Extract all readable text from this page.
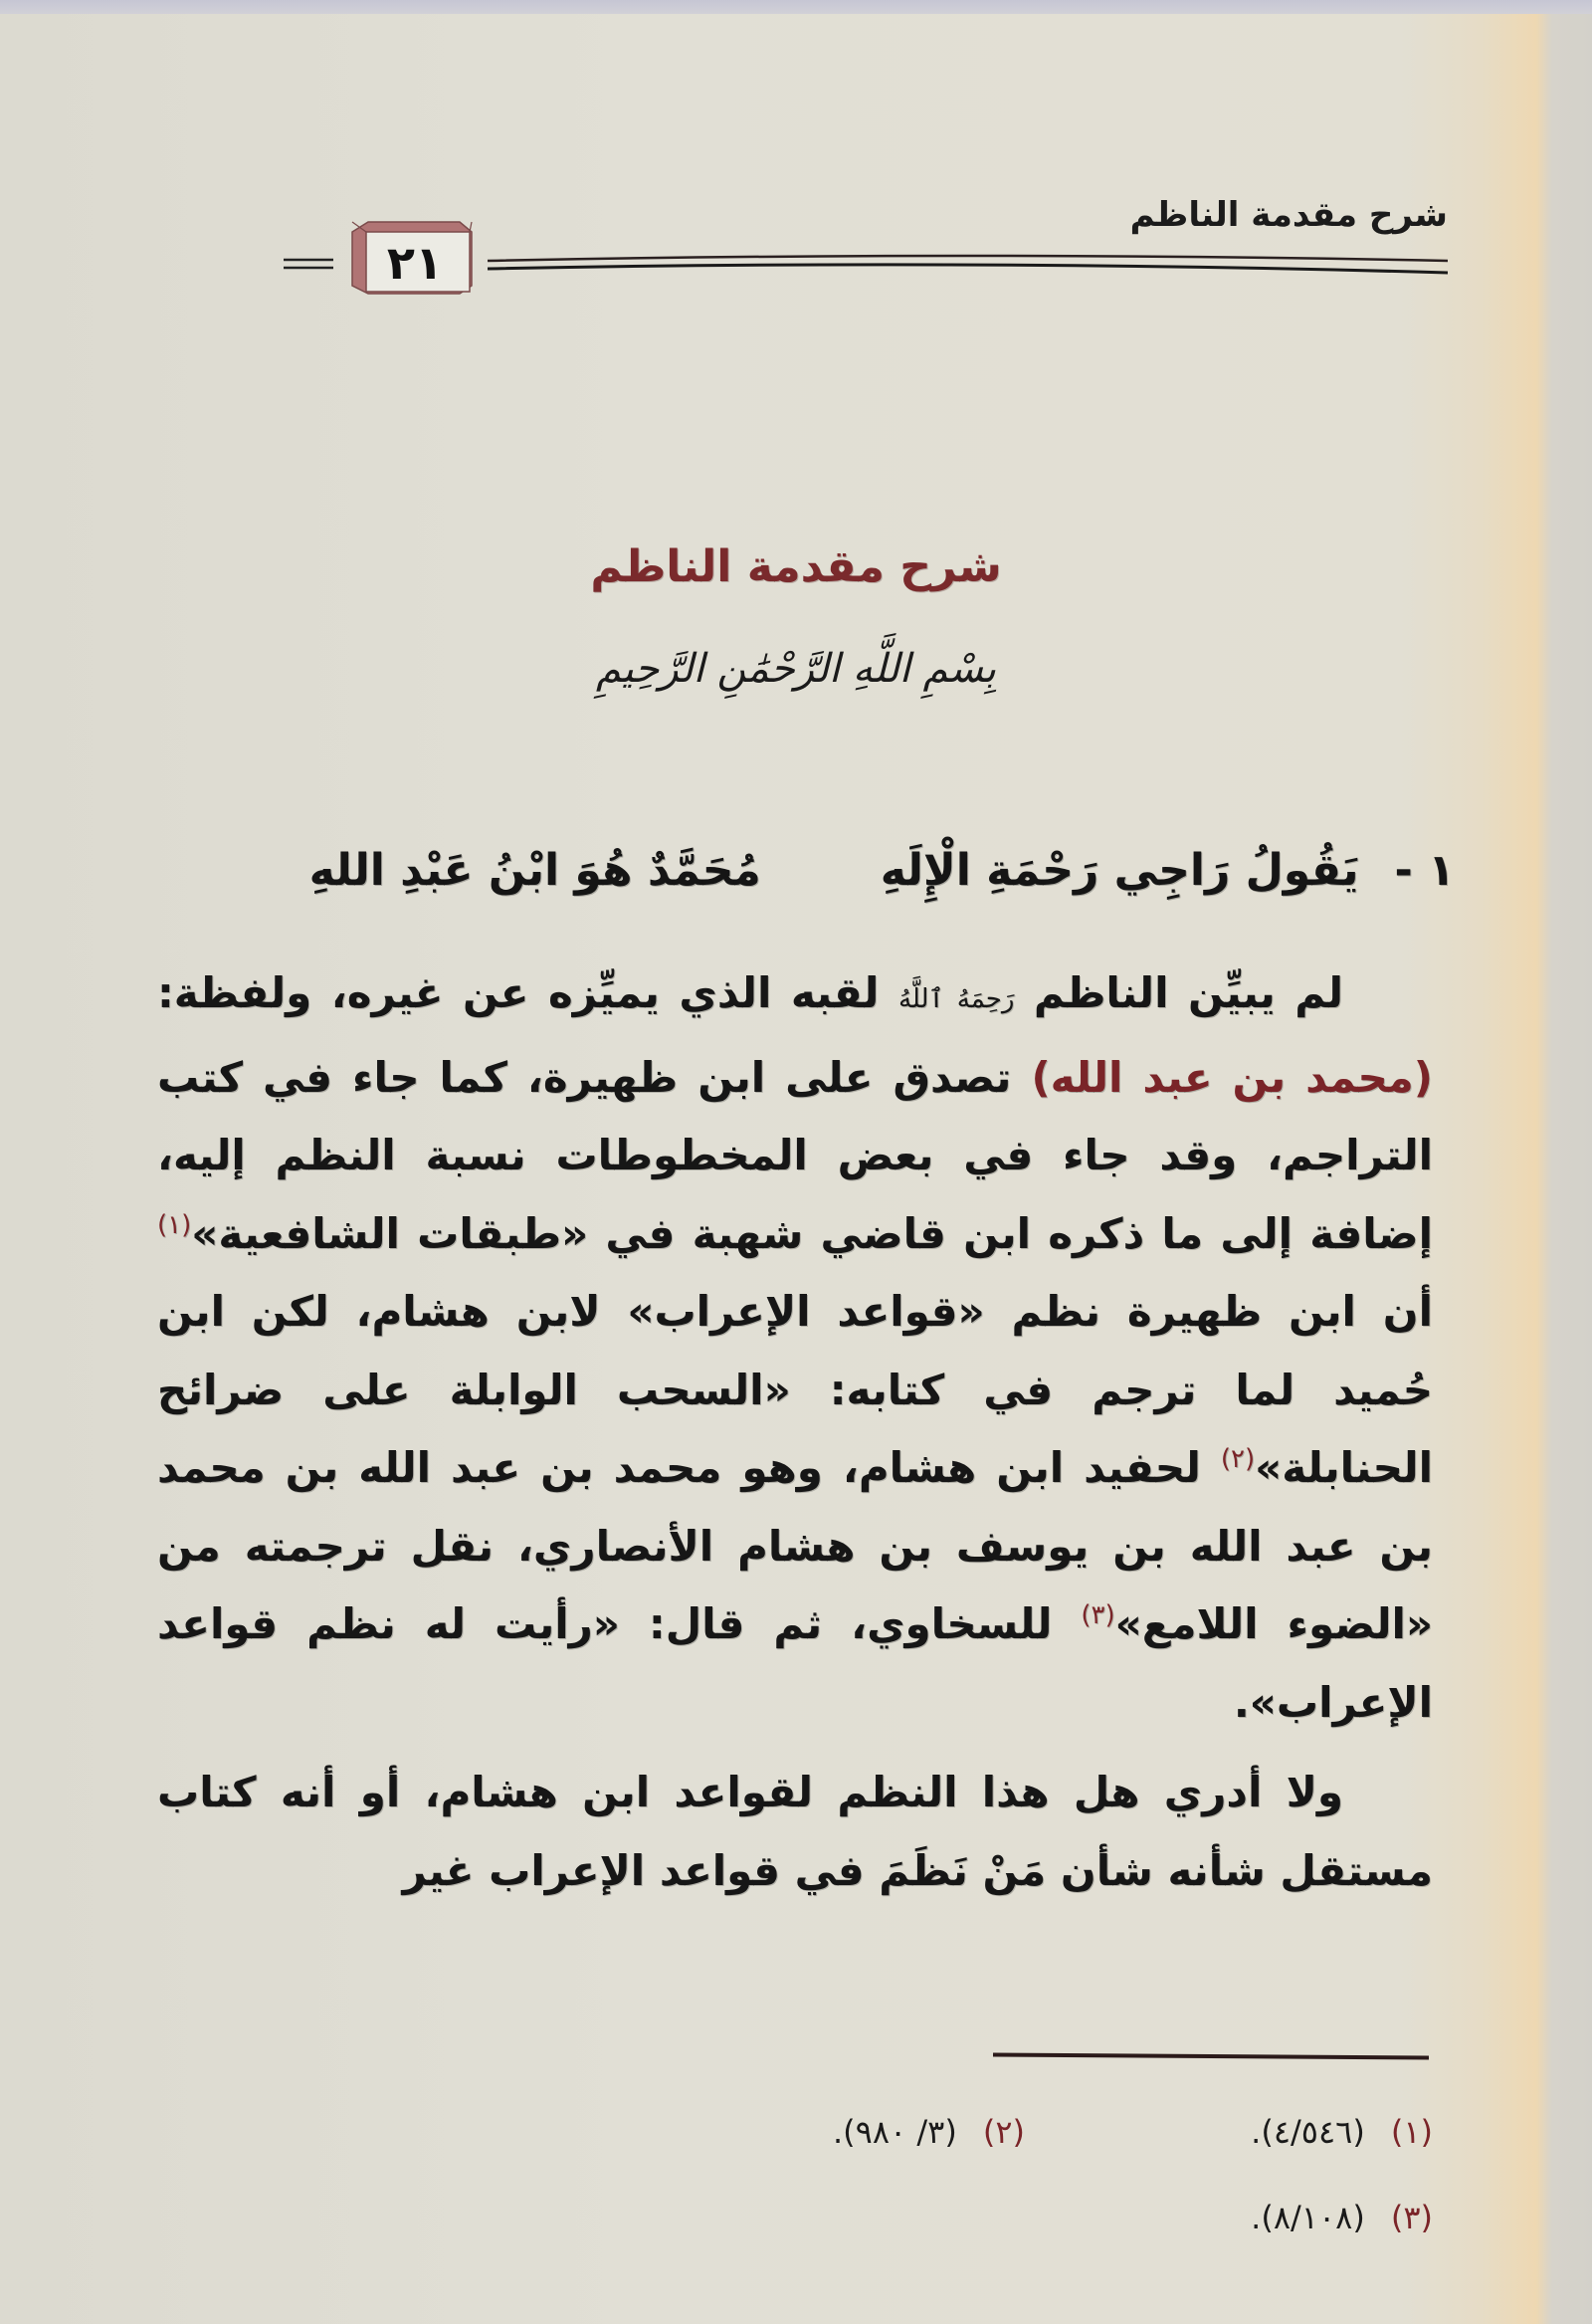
شرح مقدمة الناظم
٢١
شرح مقدمة الناظم
بِسْمِ اللَّهِ الرَّحْمَٰنِ الرَّحِيمِ
١ -
يَقُولُ رَاجِي رَحْمَةِ الْإِلَهِ
مُحَمَّدٌ هُوَ ابْنُ عَبْدِ اللهِ

لم يبيِّن الناظم رَحِمَهُ ٱللَّهُ لقبه الذي يميِّزه عن غيره، ولفظة: (محمد بن عبد الله) تصدق على ابن ظهيرة، كما جاء في كتب التراجم، وقد جاء في بعض المخطوطات نسبة النظم إليه، إضافة إلى ما ذكره ابن قاضي شهبة في «طبقات الشافعية»$^{(١)}$ أن ابن ظهيرة نظم «قواعد الإعراب» لابن هشام، لكن ابن حُميد لما ترجم في كتابه: «السحب الوابلة على ضرائح الحنابلة»$^{(٢)}$ لحفيد ابن هشام، وهو محمد بن عبد الله بن محمد بن عبد الله بن يوسف بن هشام الأنصاري، نقل ترجمته من «الضوء اللامع»$^{(٣)}$ للسخاوي، ثم قال: «رأيت له نظم قواعد الإعراب».

ولا أدري هل هذا النظم لقواعد ابن هشام، أو أنه كتاب مستقل شأنه شأن مَنْ نَظَمَ في قواعد الإعراب غير

(١)
(٤/٥٤٦).
(٢)
(٣/ ٩٨٠).
(٣)
(٨/١٠٨).
